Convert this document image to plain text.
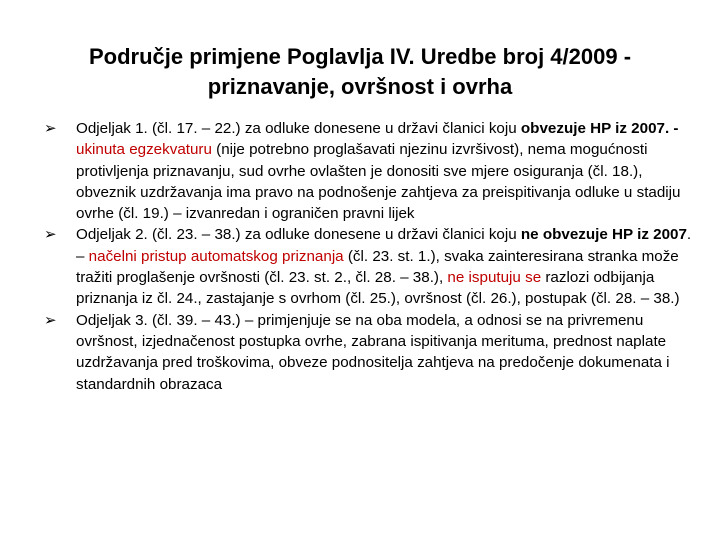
Područje primjene Poglavlja IV. Uredbe broj 4/2009 -
priznavanje, ovršnost i ovrha
➢ Odjeljak 1. (čl. 17. – 22.) za odluke donesene u državi članici koju obvezuje HP iz 2007. - ukinuta egzekvaturu (nije potrebno proglašavati njezinu izvršivost), nema mogućnosti protivljenja priznavanju, sud ovrhe ovlašten je donositi sve mjere osiguranja (čl. 18.), obveznik uzdržavanja ima pravo na podnošenje zahtjeva za preispitivanja odluke u stadiju ovrhe (čl. 19.) – izvanredan i ograničen pravni lijek
➢ Odjeljak 2. (čl. 23. – 38.) za odluke donesene u državi članici koju ne obvezuje HP iz 2007. – načelni pristup automatskog priznanja (čl. 23. st. 1.), svaka zainteresirana stranka može tražiti proglašenje ovršnosti (čl. 23. st. 2., čl. 28. – 38.), ne isputuju se razlozi odbijanja priznanja iz čl. 24., zastajanje s ovrhom (čl. 25.), ovršnost (čl. 26.), postupak (čl. 28. – 38.)
➢ Odjeljak 3. (čl. 39. – 43.) – primjenjuje se na oba modela, a odnosi se na privremenu ovršnost, izjednačenost postupka ovrhe, zabrana ispitivanja merituma, prednost naplate uzdržavanja pred troškovima, obveze podnositelja zahtjeva na predočenje dokumenata i standardnih obrazaca
